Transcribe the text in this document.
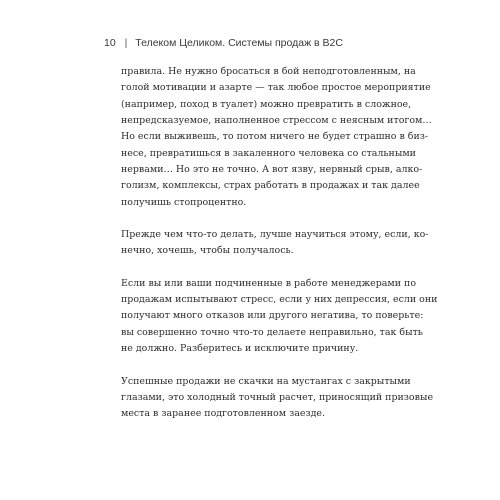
10 | Телеком Целиком. Системы продаж в B2C

правила. Не нужно бросаться в бой неподготовленным, на
голой мотивации и азарте — так любое простое мероприятие
(например, поход в туалет) можно превратить в сложное,
непредсказуемое, наполненное стрессом с неясным итогом…
Но если выживешь, то потом ничего не будет страшно в биз-
несе, превратишься в закаленного человека со стальными
нервами… Но это не точно. А вот язву, нервный срыв, алко-
голизм, комплексы, страх работать в продажах и так далее
получишь стопроцентно.

Прежде чем что-то делать, лучше научиться этому, если, ко-
нечно, хочешь, чтобы получалось.

Если вы или ваши подчиненные в работе менеджерами по
продажам испытывают стресс, если у них депрессия, если они
получают много отказов или другого негатива, то поверьте:
вы совершенно точно что-то делаете неправильно, так быть
не должно. Разберитесь и исключите причину.

Успешные продажи не скачки на мустангах с закрытыми
глазами, это холодный точный расчет, приносящий призовые
места в заранее подготовленном заезде.
